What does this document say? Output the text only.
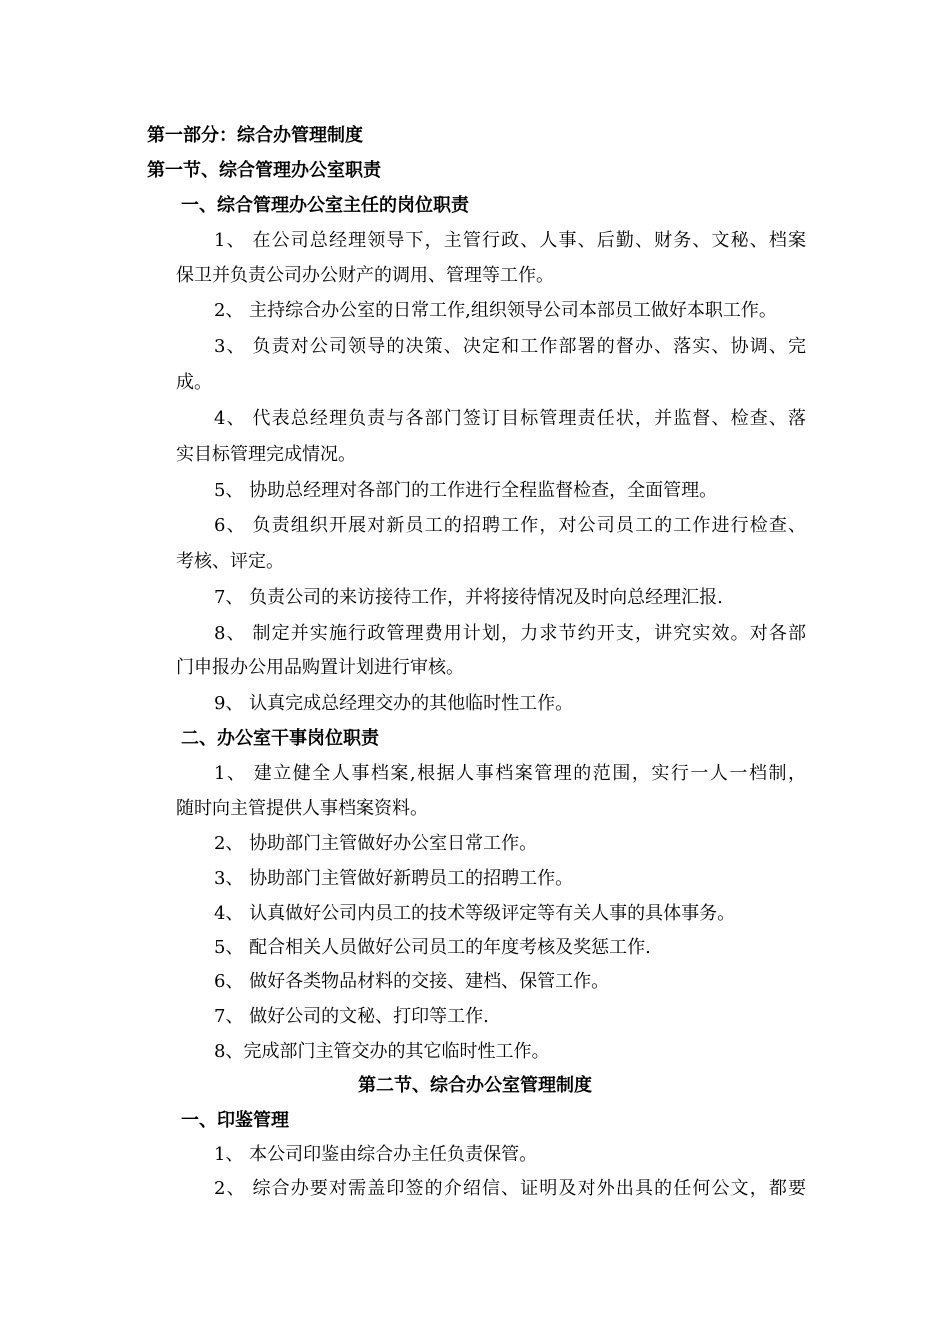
第一部分：综合办管理制度
第一节、综合管理办公室职责
一、综合管理办公室主任的岗位职责
1、 在公司总经理领导下，主管行政、人事、后勤、财务、文秘、档案
保卫并负责公司办公财产的调用、管理等工作。
2、 主持综合办公室的日常工作,组织领导公司本部员工做好本职工作。
3、 负责对公司领导的决策、决定和工作部署的督办、落实、协调、完
成。
4、 代表总经理负责与各部门签订目标管理责任状，并监督、检查、落
实目标管理完成情况。
5、 协助总经理对各部门的工作进行全程监督检查，全面管理。
6、 负责组织开展对新员工的招聘工作，对公司员工的工作进行检查、
考核、评定。
7、 负责公司的来访接待工作，并将接待情况及时向总经理汇报.
8、 制定并实施行政管理费用计划，力求节约开支，讲究实效。对各部
门申报办公用品购置计划进行审核。
9、 认真完成总经理交办的其他临时性工作。
二、办公室干事岗位职责
1、 建立健全人事档案,根据人事档案管理的范围，实行一人一档制，
随时向主管提供人事档案资料。
2、 协助部门主管做好办公室日常工作。
3、 协助部门主管做好新聘员工的招聘工作。
4、 认真做好公司内员工的技术等级评定等有关人事的具体事务。
5、 配合相关人员做好公司员工的年度考核及奖惩工作.
6、 做好各类物品材料的交接、建档、保管工作。
7、 做好公司的文秘、打印等工作.
8、完成部门主管交办的其它临时性工作。
第二节、综合办公室管理制度
一、印鉴管理
1、 本公司印鉴由综合办主任负责保管。
2、 综合办要对需盖印签的介绍信、证明及对外出具的任何公文，都要
